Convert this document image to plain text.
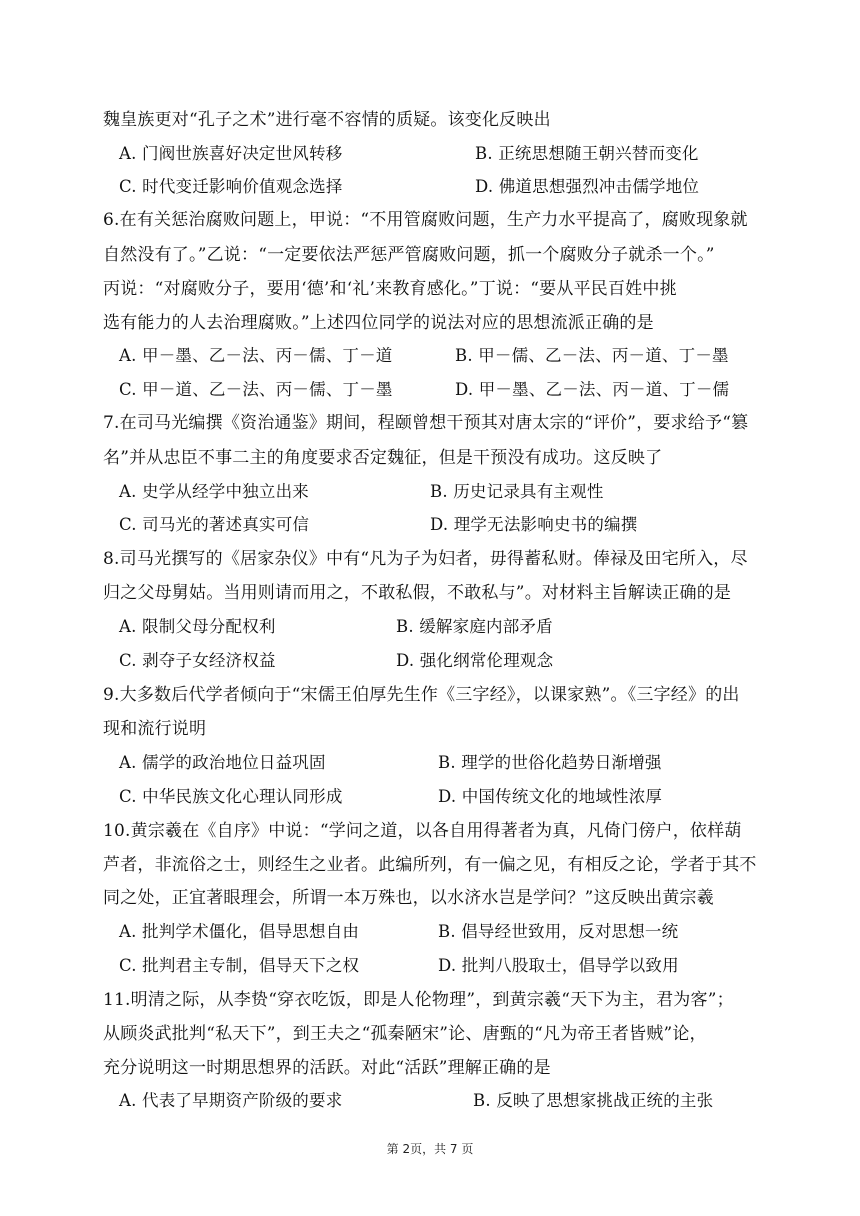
魏皇族更对“孔子之术”进行毫不容情的质疑。该变化反映出
A. 门阀世族喜好决定世风转移	B. 正统思想随王朝兴替而变化
C. 时代变迁影响价值观念选择	D. 佛道思想强烈冲击儒学地位
6.在有关惩治腐败问题上，甲说：“不用管腐败问题，生产力水平提高了，腐败现象就
自然没有了。”乙说：“一定要依法严惩严管腐败问题，抓一个腐败分子就杀一个。”
丙说：“对腐败分子，要用‘德’和‘礼’来教育感化。”丁说：“要从平民百姓中挑
选有能力的人去治理腐败。”上述四位同学的说法对应的思想流派正确的是
A. 甲－墨、乙－法、丙－儒、丁－道	B. 甲－儒、乙－法、丙－道、丁－墨
C. 甲－道、乙－法、丙－儒、丁－墨	D. 甲－墨、乙－法、丙－道、丁－儒
7.在司马光编撰《资治通鉴》期间，程颐曾想干预其对唐太宗的“评价”，要求给予“篡
名”并从忠臣不事二主的角度要求否定魏征，但是干预没有成功。这反映了
A. 史学从经学中独立出来	B. 历史记录具有主观性
C. 司马光的著述真实可信	D. 理学无法影响史书的编撰
8.司马光撰写的《居家杂仪》中有“凡为子为妇者，毋得蓄私财。俸禄及田宅所入，尽
归之父母舅姑。当用则请而用之，不敢私假，不敢私与”。对材料主旨解读正确的是
A. 限制父母分配权利	B. 缓解家庭内部矛盾
C. 剥夺子女经济权益	D. 强化纲常伦理观念
9.大多数后代学者倾向于“宋儒王伯厚先生作《三字经》，以课家熟”。《三字经》的出
现和流行说明
A. 儒学的政治地位日益巩固	B. 理学的世俗化趋势日渐增强
C. 中华民族文化心理认同形成	D. 中国传统文化的地域性浓厚
10.黄宗羲在《自序》中说：“学问之道，以各自用得著者为真，凡倚门傍户，依样葫
芦者，非流俗之士，则经生之业者。此编所列，有一偏之见，有相反之论，学者于其不
同之处，正宜著眼理会，所谓一本万殊也，以水济水岂是学问？”这反映出黄宗羲
A. 批判学术僵化，倡导思想自由	B. 倡导经世致用，反对思想一统
C. 批判君主专制，倡导天下之权	D. 批判八股取士，倡导学以致用
11.明清之际，从李贽“穿衣吃饭，即是人伦物理”，到黄宗羲“天下为主，君为客”；
从顾炎武批判“私天下”，到王夫之“孤秦陋宋”论、唐甄的“凡为帝王者皆贼”论，
充分说明这一时期思想界的活跃。对此“活跃”理解正确的是
A. 代表了早期资产阶级的要求	B. 反映了思想家挑战正统的主张
第 2页，共 7 页
